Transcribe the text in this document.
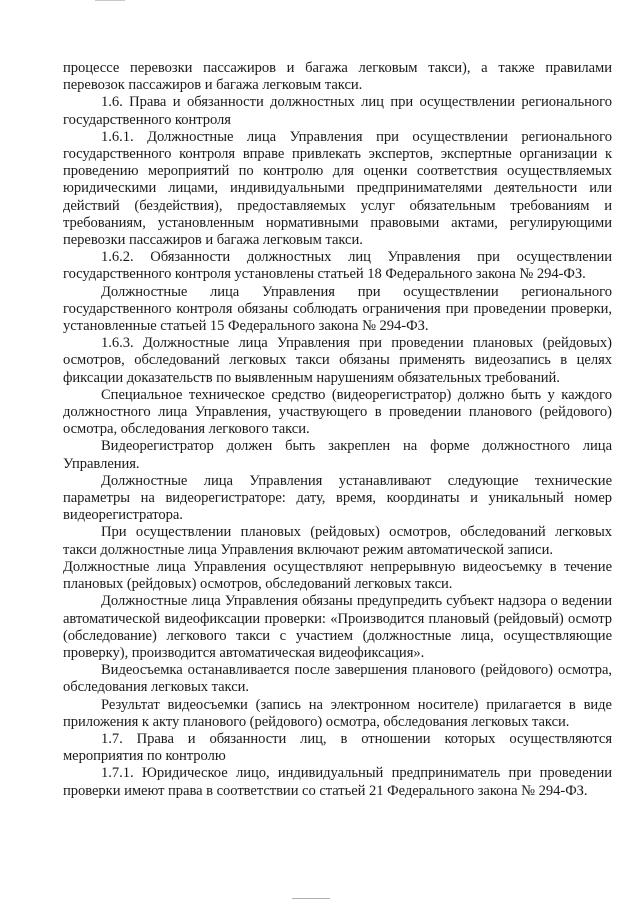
процессе перевозки пассажиров и багажа легковым такси), а также правилами перевозок пассажиров и багажа легковым такси.

1.6. Права и обязанности должностных лиц при осуществлении регионального государственного контроля

1.6.1. Должностные лица Управления при осуществлении регионального государственного контроля вправе привлекать экспертов, экспертные организации к проведению мероприятий по контролю для оценки соответствия осуществляемых юридическими лицами, индивидуальными предпринимателями деятельности или действий (бездействия), предоставляемых услуг обязательным требованиям и требованиям, установленным нормативными правовыми актами, регулирующими перевозки пассажиров и багажа легковым такси.

1.6.2. Обязанности должностных лиц Управления при осуществлении государственного контроля установлены статьей 18 Федерального закона № 294-ФЗ.

Должностные лица Управления при осуществлении регионального государственного контроля обязаны соблюдать ограничения при проведении проверки, установленные статьей 15 Федерального закона № 294-ФЗ.

1.6.3. Должностные лица Управления при проведении плановых (рейдовых) осмотров, обследований легковых такси обязаны применять видеозапись в целях фиксации доказательств по выявленным нарушениям обязательных требований.

Специальное техническое средство (видеорегистратор) должно быть у каждого должностного лица Управления, участвующего в проведении планового (рейдового) осмотра, обследования легкового такси.

Видеорегистратор должен быть закреплен на форме должностного лица Управления.

Должностные лица Управления устанавливают следующие технические параметры на видеорегистраторе: дату, время, координаты и уникальный номер видеорегистратора.

При осуществлении плановых (рейдовых) осмотров, обследований легковых такси должностные лица Управления включают режим автоматической записи.

Должностные лица Управления осуществляют непрерывную видеосъемку в течение плановых (рейдовых) осмотров, обследований легковых такси.

Должностные лица Управления обязаны предупредить субъект надзора о ведении автоматической видеофиксации проверки: «Производится плановый (рейдовый) осмотр (обследование) легкового такси с участием (должностные лица, осуществляющие проверку), производится автоматическая видеофиксация».

Видеосъемка останавливается после завершения планового (рейдового) осмотра, обследования легковых такси.

Результат видеосъемки (запись на электронном носителе) прилагается в виде приложения к акту планового (рейдового) осмотра, обследования легковых такси.

1.7. Права и обязанности лиц, в отношении которых осуществляются мероприятия по контролю

1.7.1. Юридическое лицо, индивидуальный предприниматель при проведении проверки имеют права в соответствии со статьей 21 Федерального закона № 294-ФЗ.
